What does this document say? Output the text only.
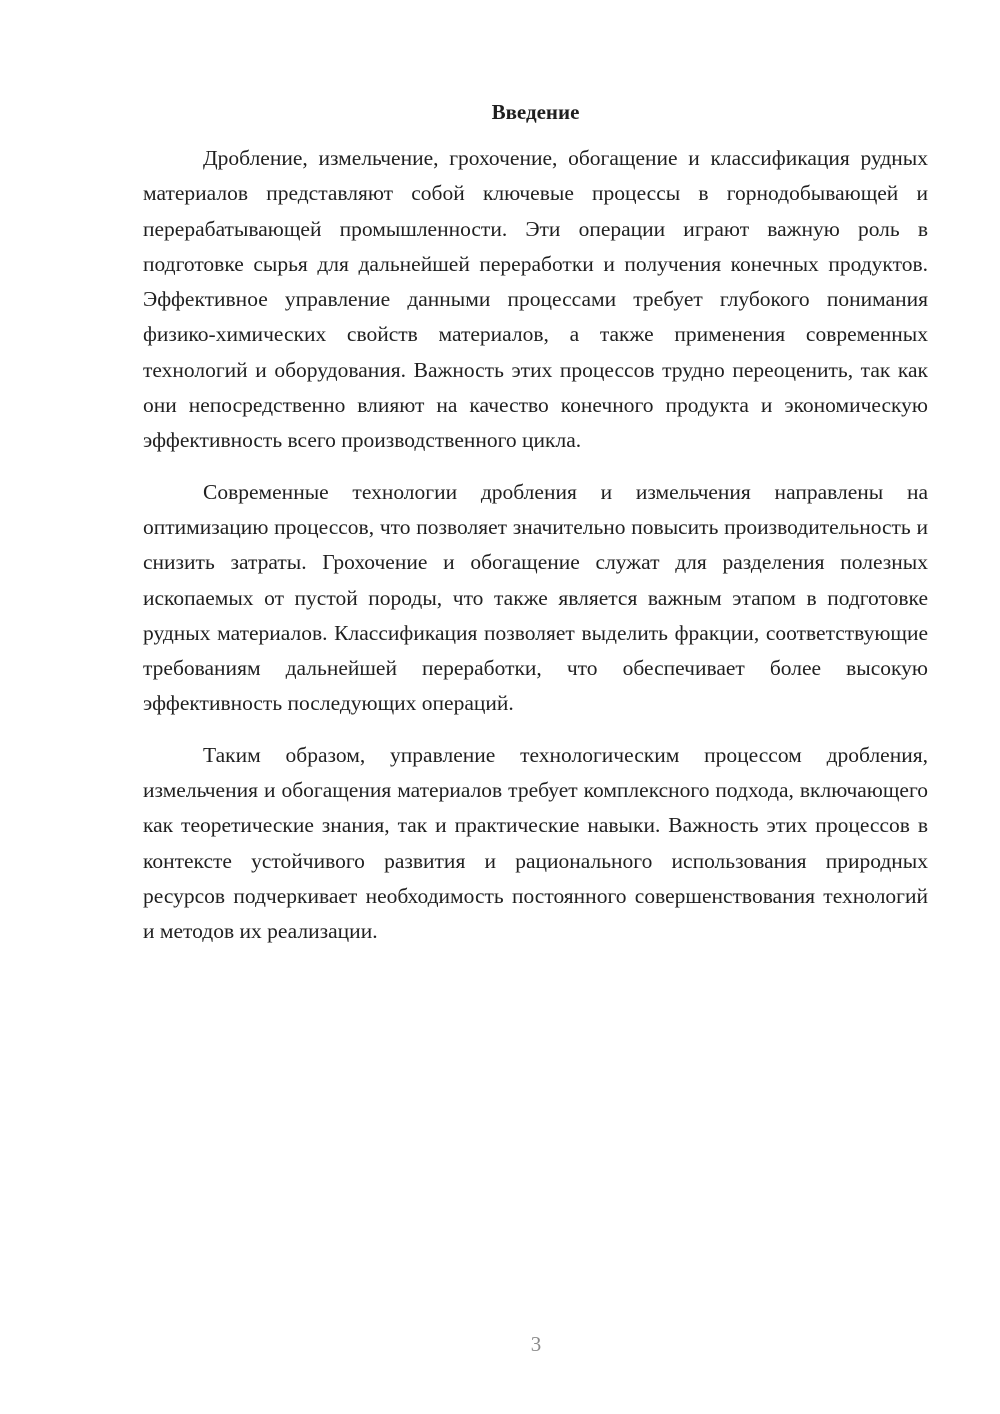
Введение

Дробление, измельчение, грохочение, обогащение и классификация рудных материалов представляют собой ключевые процессы в горнодобывающей и перерабатывающей промышленности. Эти операции играют важную роль в подготовке сырья для дальнейшей переработки и получения конечных продуктов. Эффективное управление данными процессами требует глубокого понимания физико-химических свойств материалов, а также применения современных технологий и оборудования. Важность этих процессов трудно переоценить, так как они непосредственно влияют на качество конечного продукта и экономическую эффективность всего производственного цикла.

Современные технологии дробления и измельчения направлены на оптимизацию процессов, что позволяет значительно повысить производительность и снизить затраты. Грохочение и обогащение служат для разделения полезных ископаемых от пустой породы, что также является важным этапом в подготовке рудных материалов. Классификация позволяет выделить фракции, соответствующие требованиям дальнейшей переработки, что обеспечивает более высокую эффективность последующих операций.

Таким образом, управление технологическим процессом дробления, измельчения и обогащения материалов требует комплексного подхода, включающего как теоретические знания, так и практические навыки. Важность этих процессов в контексте устойчивого развития и рационального использования природных ресурсов подчеркивает необходимость постоянного совершенствования технологий и методов их реализации.

3
